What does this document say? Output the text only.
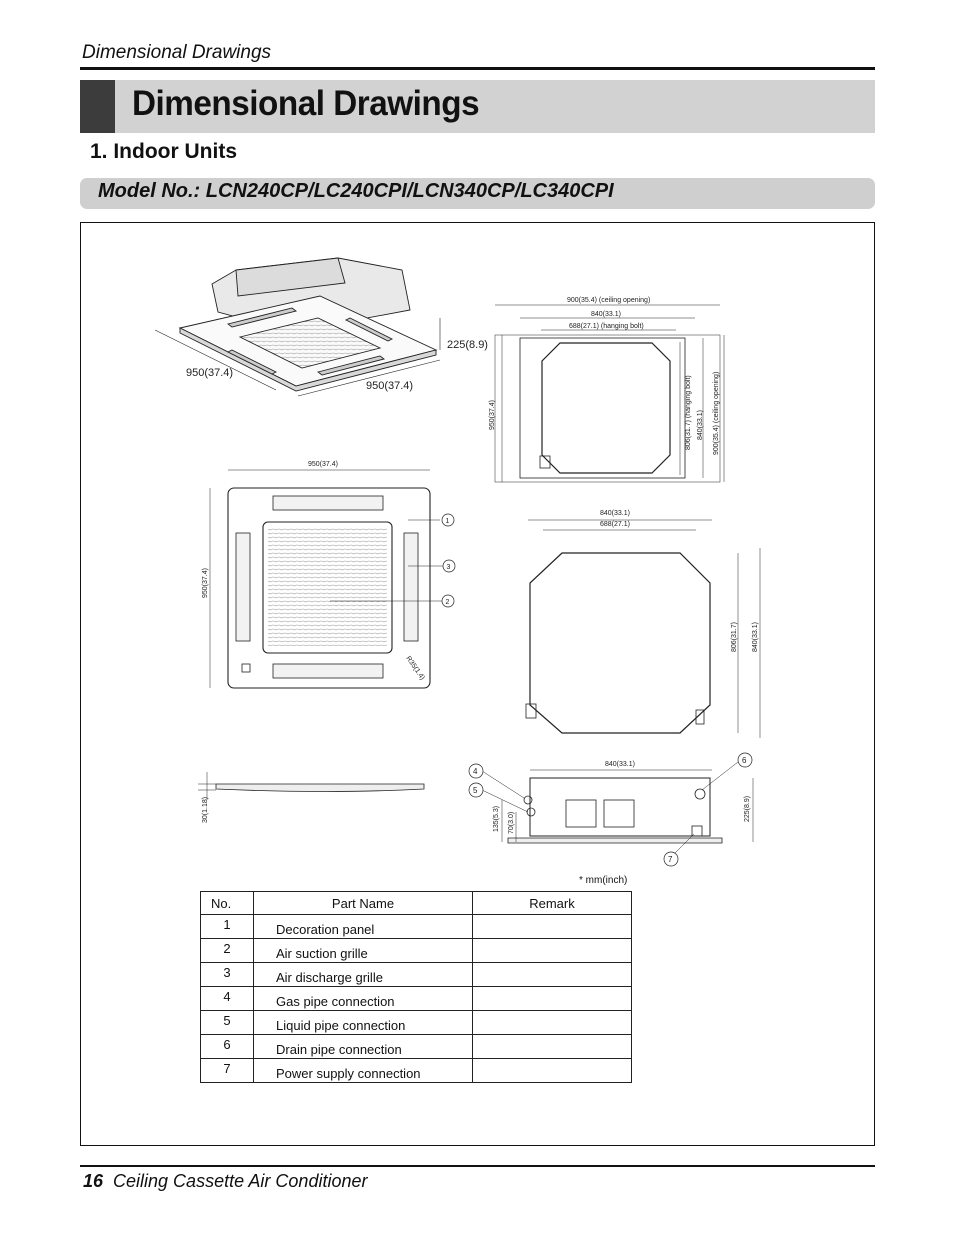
Dimensional Drawings
Dimensional Drawings
1. Indoor Units
Model No.: LCN240CP/LC240CPI/LCN340CP/LC340CPI
225(8.9)
950(37.4)
950(37.4)
900(35.4) (ceiling opening)
840(33.1)
688(27.1) (hanging bolt)
950(37.4)	806(31.7) (hanging bolt) 840(33.1) 900(35.4) (ceiling opening)
950(37.4)
950(37.4)
R35(1.4)
1
3
2
840(33.1)
688(27.1)
806(31.7) 840(33.1)
30(1.18)
840(33.1)
135(5.3) 70(3.0)
225(8.9)
4
5
6
7
* mm(inch)
No.	Part Name	Remark
1	Decoration panel	
2	Air suction grille	
3	Air discharge grille	
4	Gas pipe connection	
5	Liquid pipe connection	
6	Drain pipe connection	
7	Power supply connection	
16 Ceiling Cassette Air Conditioner
